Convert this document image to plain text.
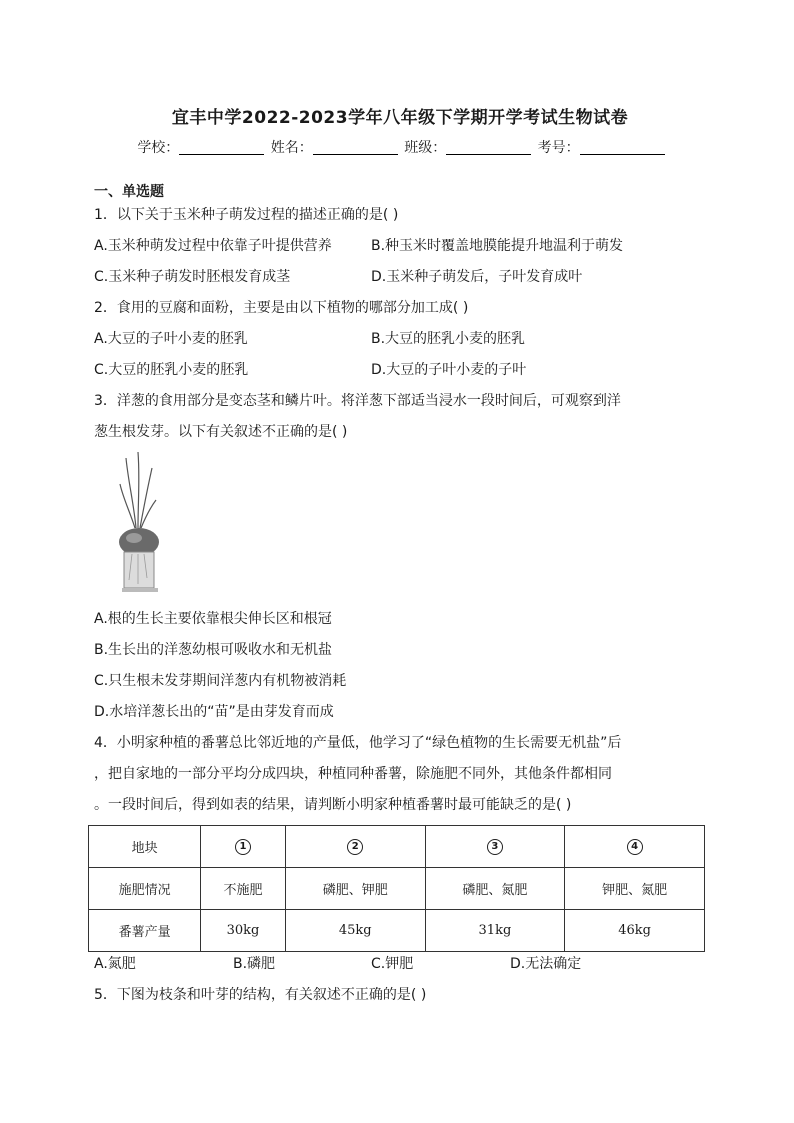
宜丰中学2022-2023学年八年级下学期开学考试生物试卷
学校：	姓名：	班级：	考号：
一、单选题
1．以下关于玉米种子萌发过程的描述正确的是( )
A.玉米种萌发过程中依靠子叶提供营养	B.种玉米时覆盖地膜能提升地温利于萌发
C.玉米种子萌发时胚根发育成茎	D.玉米种子萌发后，子叶发育成叶
2．食用的豆腐和面粉，主要是由以下植物的哪部分加工成( )
A.大豆的子叶小麦的胚乳	B.大豆的胚乳小麦的胚乳
C.大豆的胚乳小麦的胚乳	D.大豆的子叶小麦的子叶
3．洋葱的食用部分是变态茎和鳞片叶。将洋葱下部适当浸水一段时间后，可观察到洋
葱生根发芽。以下有关叙述不正确的是( )
A.根的生长主要依靠根尖伸长区和根冠
B.生长出的洋葱幼根可吸收水和无机盐
C.只生根未发芽期间洋葱内有机物被消耗
D.水培洋葱长出的“苗”是由芽发育而成
4．小明家种植的番薯总比邻近地的产量低，他学习了“绿色植物的生长需要无机盐”后
，把自家地的一部分平均分成四块，种植同种番薯，除施肥不同外，其他条件都相同
。一段时间后，得到如表的结果，请判断小明家种植番薯时最可能缺乏的是( )
地块	1	2	3	4
施肥情况	不施肥	磷肥、钾肥	磷肥、氮肥	钾肥、氮肥
番薯产量	30kg	45kg	31kg	46kg
A.氮肥	B.磷肥	C.钾肥	D.无法确定
5．下图为枝条和叶芽的结构，有关叙述不正确的是( )
